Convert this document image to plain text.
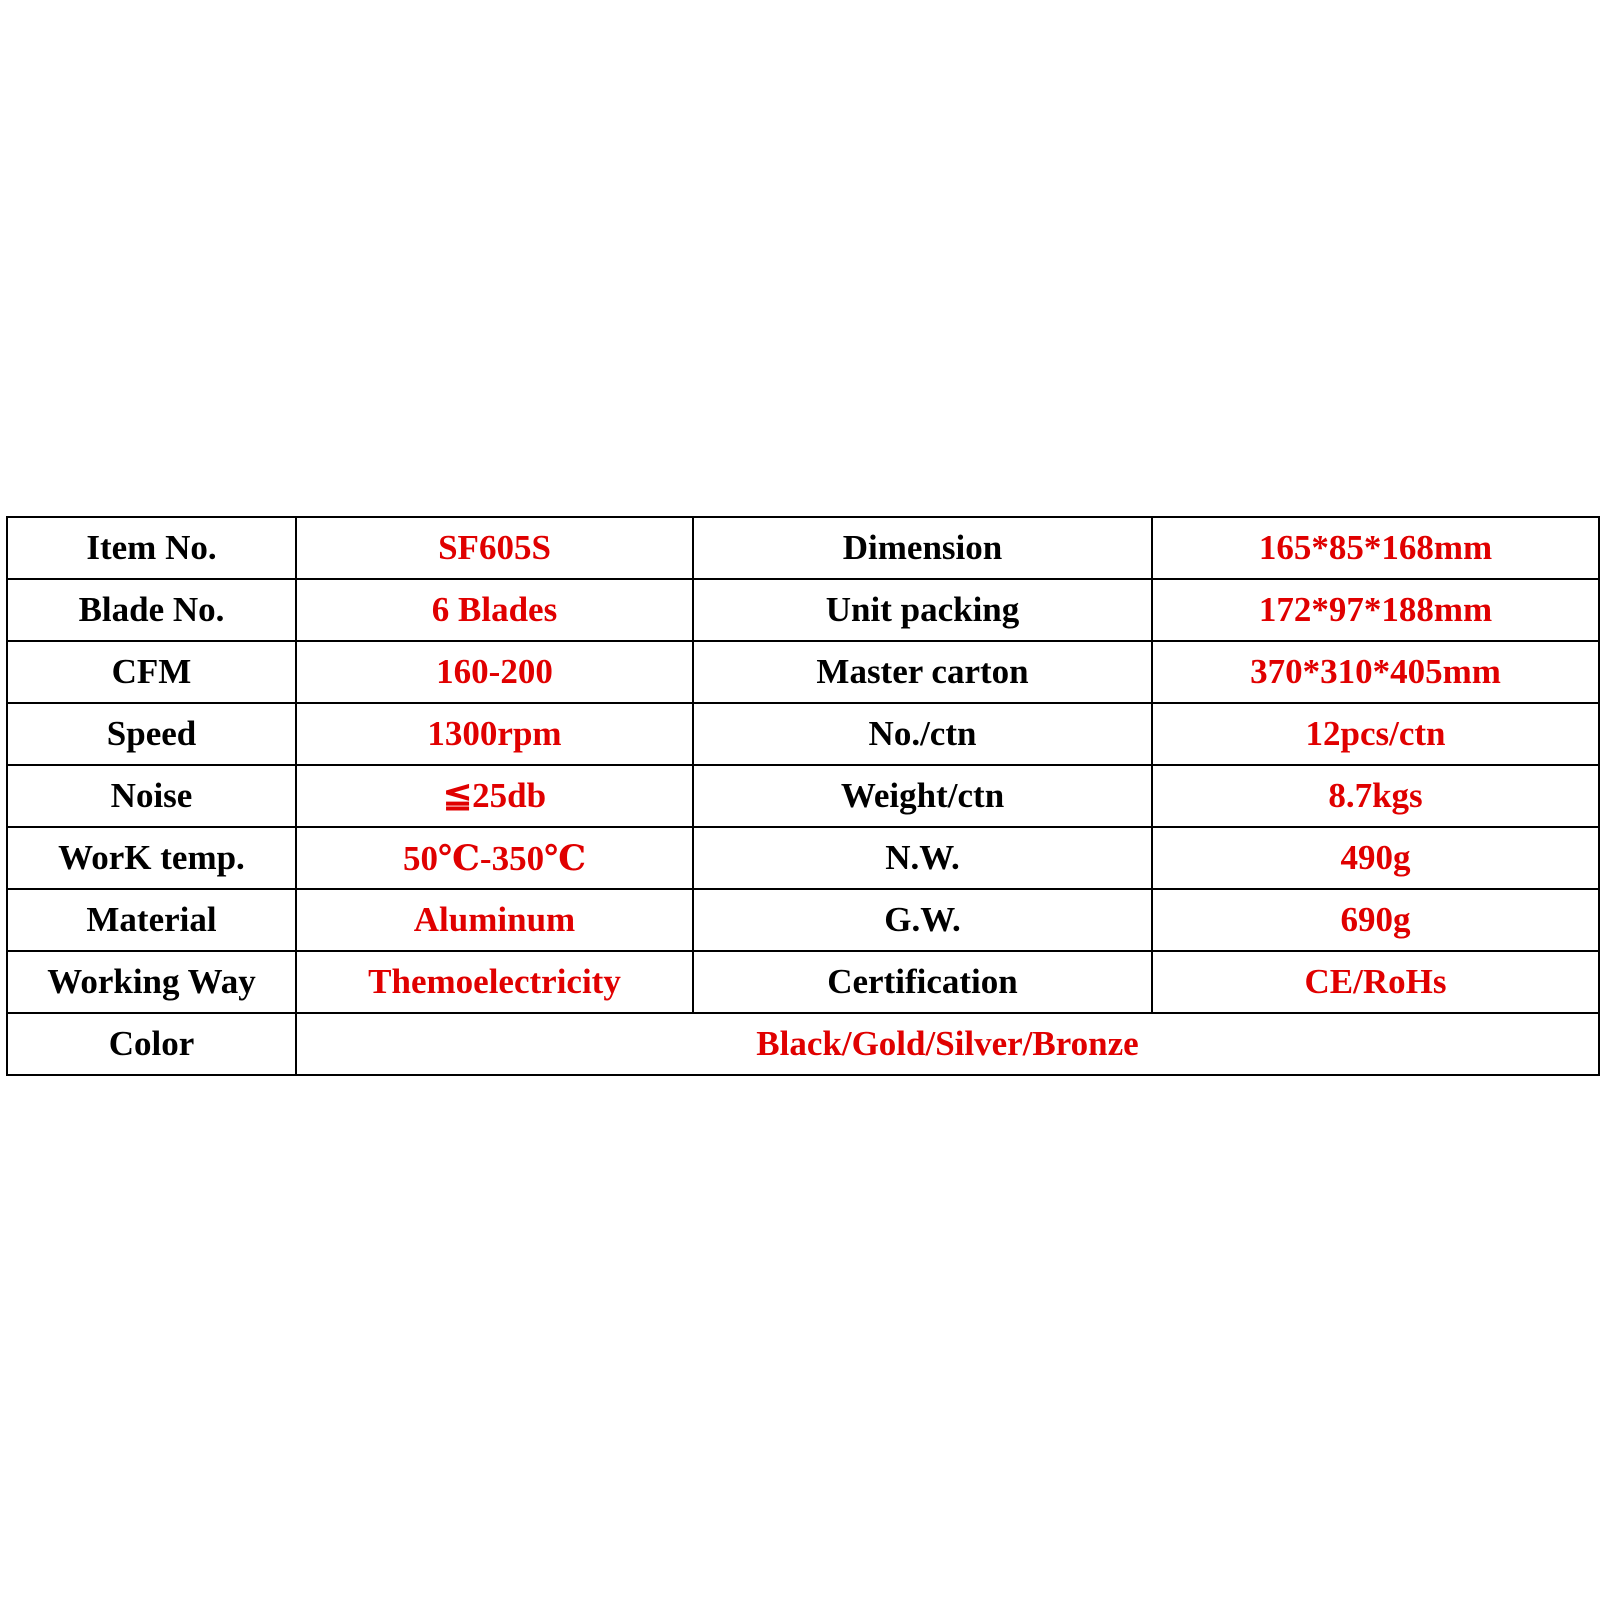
Item No.	SF605S	Dimension	165*85*168mm
Blade No.	6 Blades	Unit packing	172*97*188mm
CFM	160-200	Master carton	370*310*405mm
Speed	1300rpm	No./ctn	12pcs/ctn
Noise	≦25db	Weight/ctn	8.7kgs
WorK temp.	50℃-350℃	N.W.	490g
Material	Aluminum	G.W.	690g
Working Way	Themoelectricity	Certification	CE/RoHs
Color	Black/Gold/Silver/Bronze		
